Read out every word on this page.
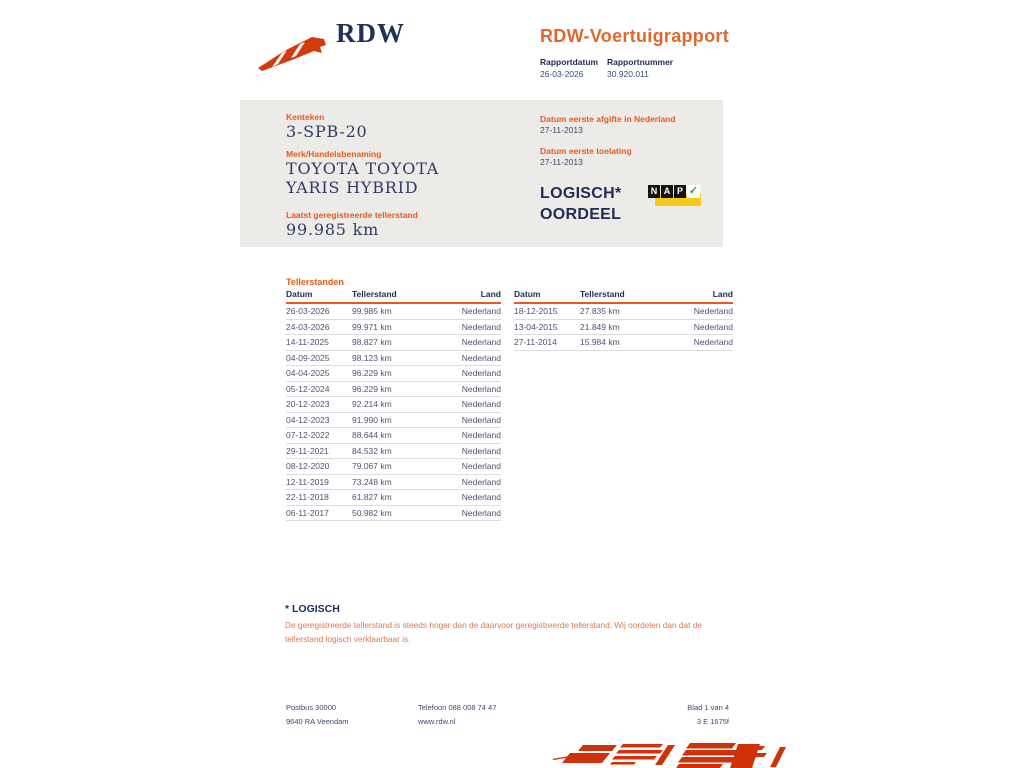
RDW	RDW-Voertuigrapport
Rapportdatum
26-03-2026
Rapportnummer
30.920.011
Kenteken
3-SPB-20
Merk/Handelsbenaming
TOYOTA TOYOTA
YARIS HYBRID
Laatst geregistreerde tellerstand
99.985 km
Datum eerste afgifte in Nederland
27-11-2013
Datum eerste toelating
27-11-2013
LOGISCH*
OORDEEL
N A P ✓
Tellerstanden
Datum	Tellerstand	Land
26-03-2026	99.985 km	Nederland
24-03-2026	99.971 km	Nederland
14-11-2025	98.827 km	Nederland
04-09-2025	98.123 km	Nederland
04-04-2025	96.229 km	Nederland
05-12-2024	96.229 km	Nederland
20-12-2023	92.214 km	Nederland
04-12-2023	91.990 km	Nederland
07-12-2022	88.644 km	Nederland
29-11-2021	84.532 km	Nederland
08-12-2020	79.067 km	Nederland
12-11-2019	73.248 km	Nederland
22-11-2018	61.827 km	Nederland
06-11-2017	50.982 km	Nederland
Datum	Tellerstand	Land
18-12-2015	27.835 km	Nederland
13-04-2015	21.849 km	Nederland
27-11-2014	15.984 km	Nederland
* LOGISCH
De geregistreerde tellerstand is steeds hoger dan de daarvoor geregistreerde tellerstand. Wij oordelen dan dat de tellerstand logisch verklaarbaar is.
Postbus 30000
9640 RA Veendam
Telefoon 088 008 74 47
www.rdw.nl
Blad 1 van 4
3 E 1675f
